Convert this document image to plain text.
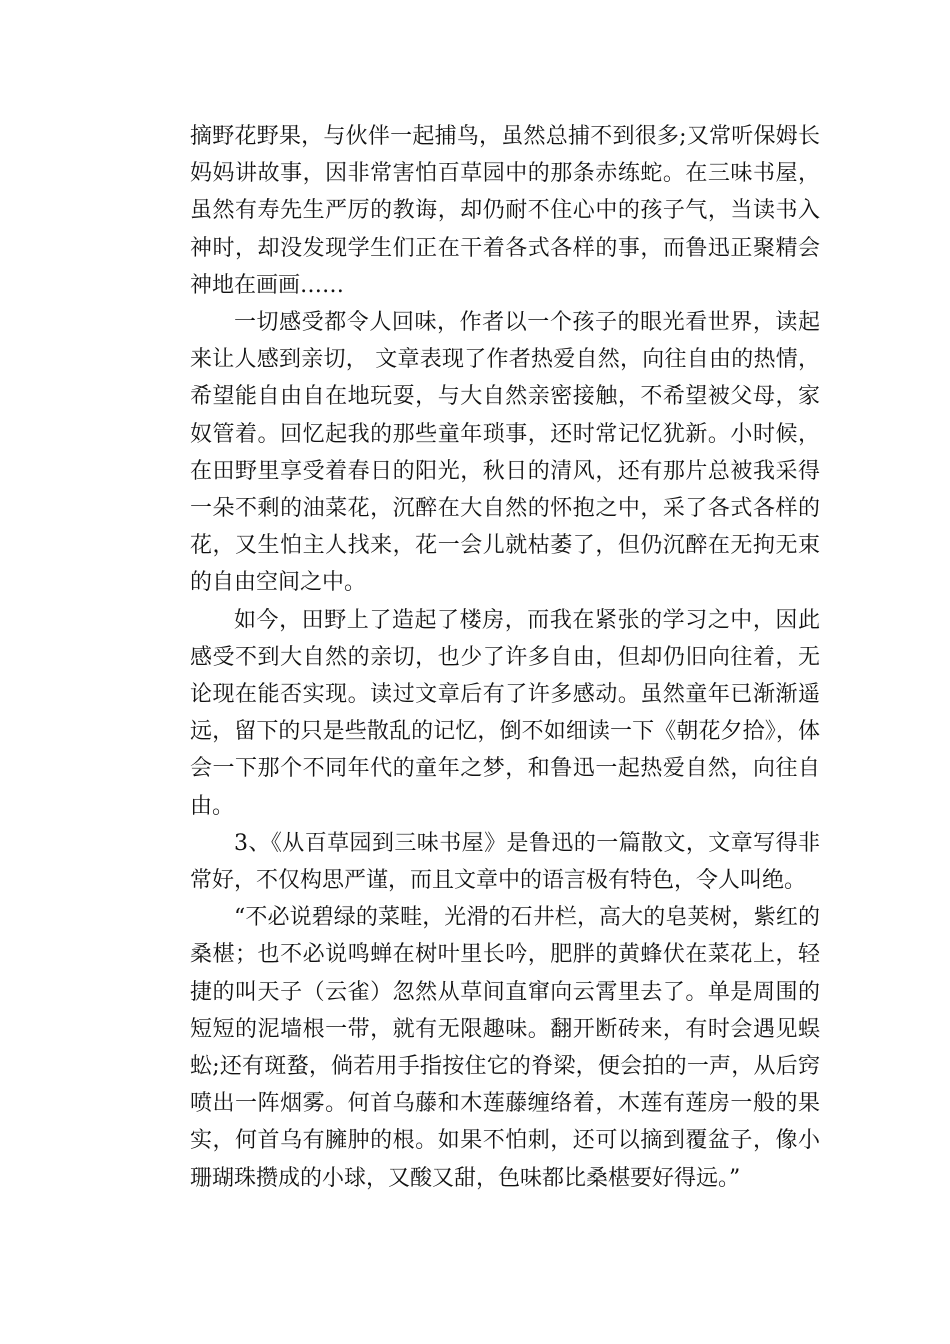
摘野花野果，与伙伴一起捕鸟，虽然总捕不到很多;又常听保姆长妈妈讲故事，因非常害怕百草园中的那条赤练蛇。在三味书屋，虽然有寿先生严厉的教诲，却仍耐不住心中的孩子气，当读书入神时，却没发现学生们正在干着各式各样的事，而鲁迅正聚精会神地在画画……

一切感受都令人回味，作者以一个孩子的眼光看世界，读起来让人感到亲切， 文章表现了作者热爱自然，向往自由的热情，希望能自由自在地玩耍，与大自然亲密接触，不希望被父母，家奴管着。回忆起我的那些童年琐事，还时常记忆犹新。小时候，在田野里享受着春日的阳光，秋日的清风，还有那片总被我采得一朵不剩的油菜花，沉醉在大自然的怀抱之中，采了各式各样的花，又生怕主人找来，花一会儿就枯萎了，但仍沉醉在无拘无束的自由空间之中。

如今，田野上了造起了楼房，而我在紧张的学习之中，因此感受不到大自然的亲切，也少了许多自由，但却仍旧向往着，无论现在能否实现。读过文章后有了许多感动。虽然童年已渐渐遥远，留下的只是些散乱的记忆，倒不如细读一下《朝花夕拾》，体会一下那个不同年代的童年之梦，和鲁迅一起热爱自然，向往自由。

3、《从百草园到三味书屋》是鲁迅的一篇散文，文章写得非常好，不仅构思严谨，而且文章中的语言极有特色，令人叫绝。

“不必说碧绿的菜畦，光滑的石井栏，高大的皂荚树，紫红的桑椹；也不必说鸣蝉在树叶里长吟，肥胖的黄蜂伏在菜花上，轻捷的叫天子（云雀）忽然从草间直窜向云霄里去了。单是周围的短短的泥墙根一带，就有无限趣味。翻开断砖来，有时会遇见蜈蚣;还有斑蝥，倘若用手指按住它的脊梁，便会拍的一声，从后窍喷出一阵烟雾。何首乌藤和木莲藤缠络着，木莲有莲房一般的果实，何首乌有臃肿的根。如果不怕刺，还可以摘到覆盆子，像小珊瑚珠攒成的小球，又酸又甜，色味都比桑椹要好得远。”
